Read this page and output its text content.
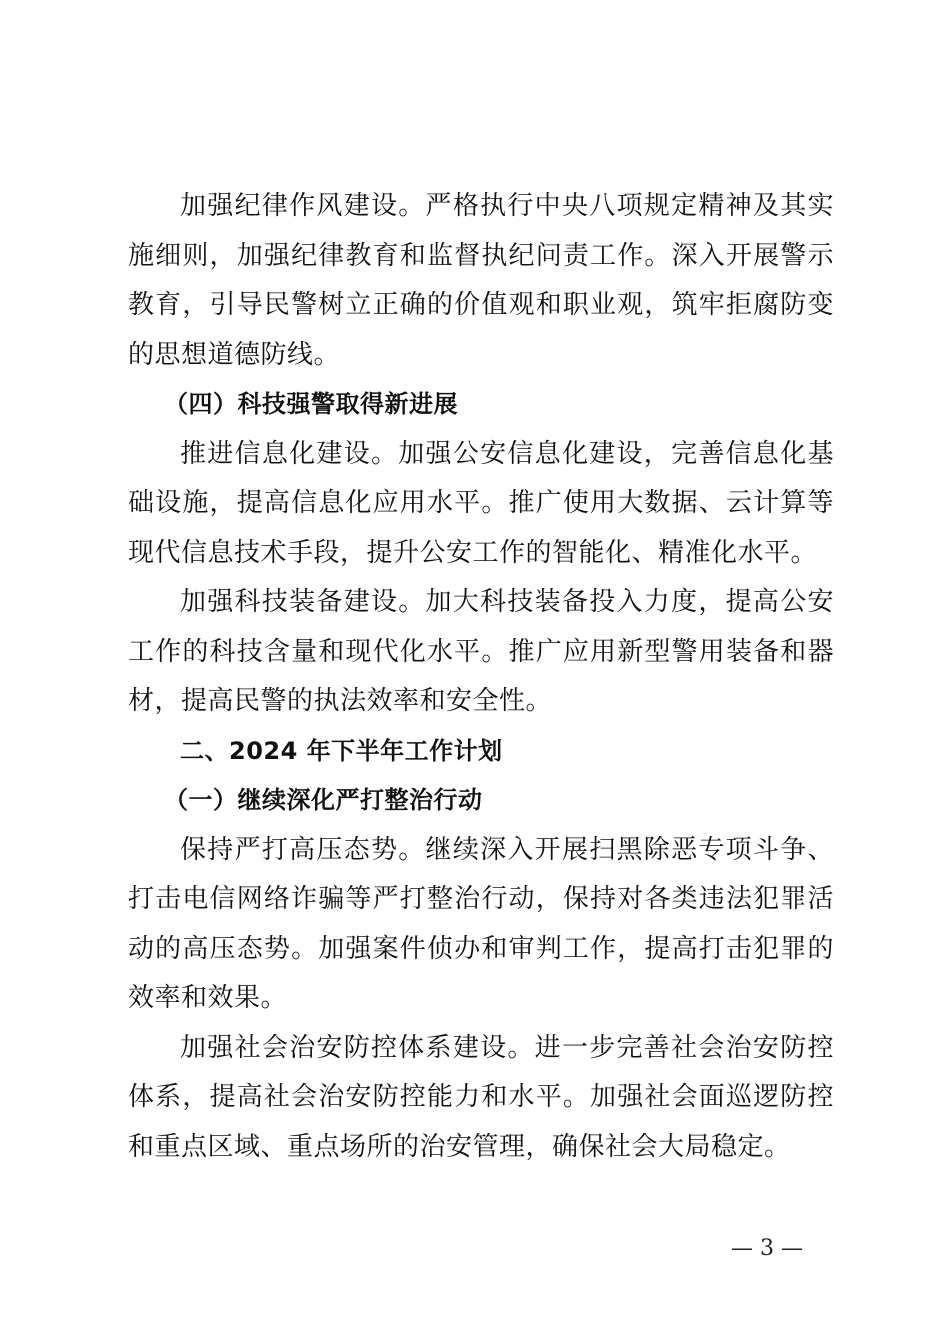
加强纪律作风建设。严格执行中央八项规定精神及其实施细则，加强纪律教育和监督执纪问责工作。深入开展警示教育，引导民警树立正确的价值观和职业观，筑牢拒腐防变的思想道德防线。

（四）科技强警取得新进展

推进信息化建设。加强公安信息化建设，完善信息化基础设施，提高信息化应用水平。推广使用大数据、云计算等现代信息技术手段，提升公安工作的智能化、精准化水平。

加强科技装备建设。加大科技装备投入力度，提高公安工作的科技含量和现代化水平。推广应用新型警用装备和器材，提高民警的执法效率和安全性。

二、2024 年下半年工作计划

（一）继续深化严打整治行动

保持严打高压态势。继续深入开展扫黑除恶专项斗争、打击电信网络诈骗等严打整治行动，保持对各类违法犯罪活动的高压态势。加强案件侦办和审判工作，提高打击犯罪的效率和效果。

加强社会治安防控体系建设。进一步完善社会治安防控体系，提高社会治安防控能力和水平。加强社会面巡逻防控和重点区域、重点场所的治安管理，确保社会大局稳定。

— 3 —
